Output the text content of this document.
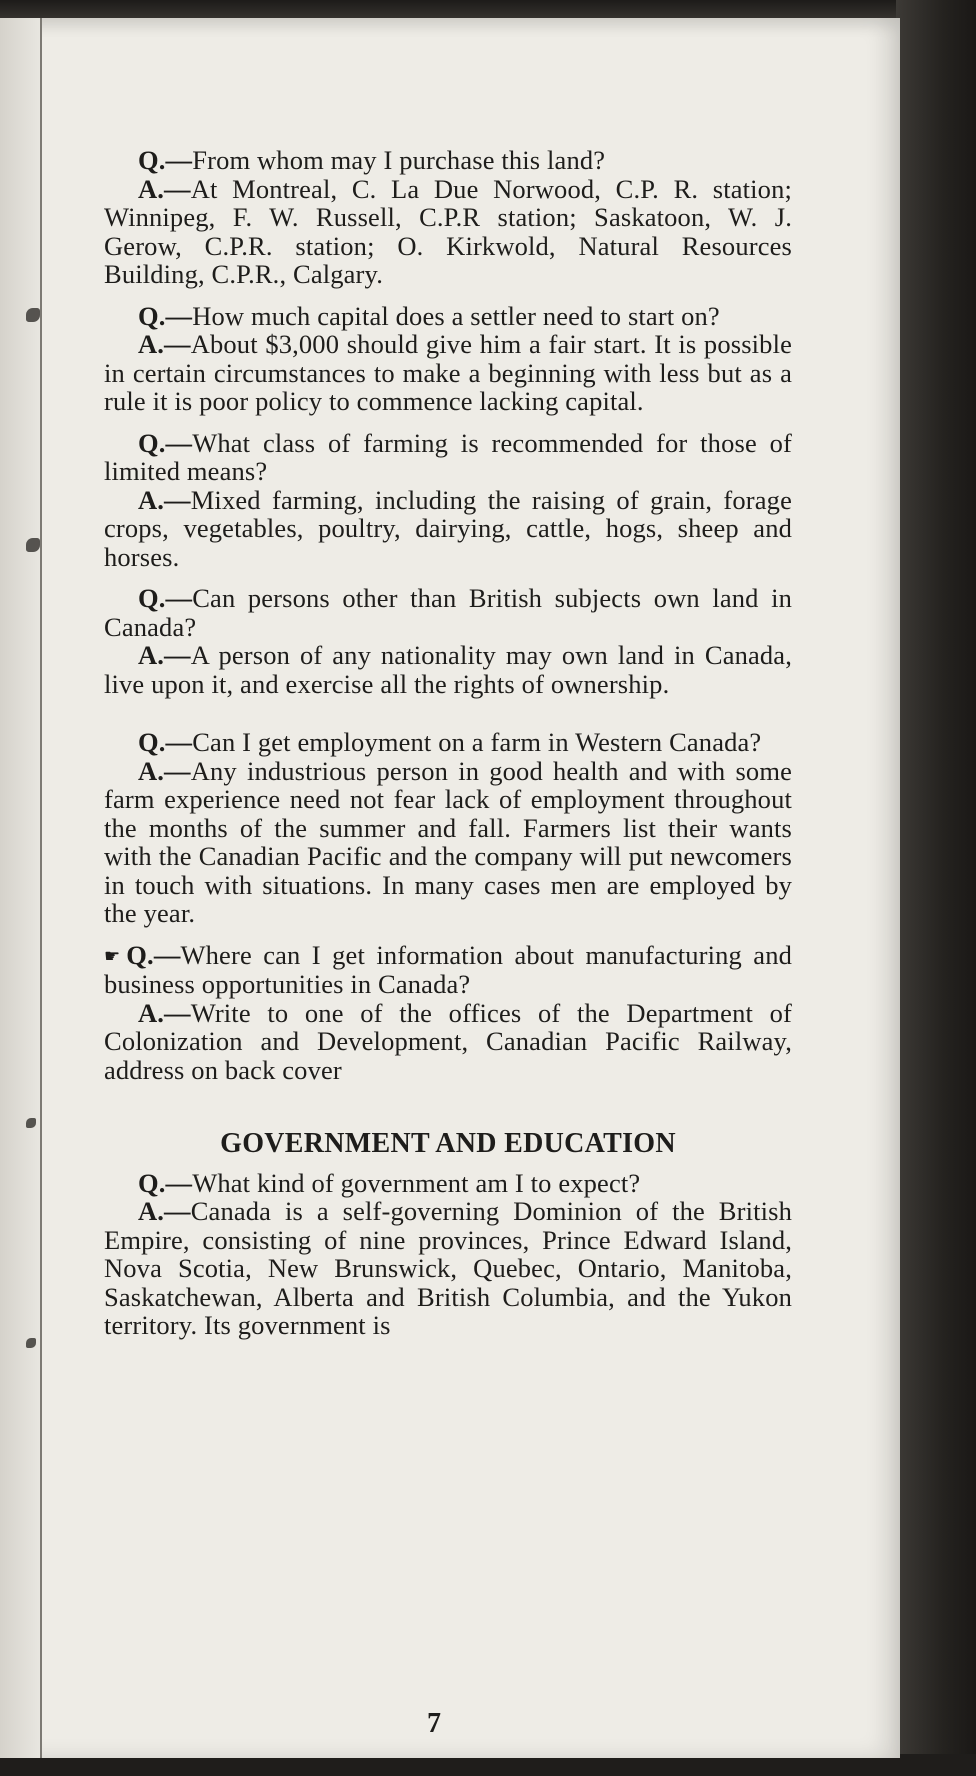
Q.—From whom may I purchase this land?

A.—At Montreal, C. La Due Norwood, C.P. R. station; Winnipeg, F. W. Russell, C.P.R station; Saskatoon, W. J. Gerow, C.P.R. station; O. Kirkwold, Natural Resources Building, C.P.R., Calgary.

Q.—How much capital does a settler need to start on?

A.—About $3,000 should give him a fair start. It is possible in certain circumstances to make a beginning with less but as a rule it is poor policy to commence lacking capital.

Q.—What class of farming is recommended for those of limited means?

A.—Mixed farming, including the raising of grain, forage crops, vegetables, poultry, dairying, cattle, hogs, sheep and horses.

Q.—Can persons other than British subjects own land in Canada?

A.—A person of any nationality may own land in Canada, live upon it, and exercise all the rights of ownership.

Q.—Can I get employment on a farm in Western Canada?

A.—Any industrious person in good health and with some farm experience need not fear lack of employment throughout the months of the summer and fall. Farmers list their wants with the Canadian Pacific and the company will put newcomers in touch with situations. In many cases men are employed by the year.

☛ Q.—Where can I get information about manufacturing and business opportunities in Canada?

A.—Write to one of the offices of the Department of Colonization and Development, Canadian Pacific Railway, address on back cover

GOVERNMENT AND EDUCATION

Q.—What kind of government am I to expect?

A.—Canada is a self-governing Dominion of the British Empire, consisting of nine provinces, Prince Edward Island, Nova Scotia, New Brunswick, Quebec, Ontario, Manitoba, Saskatchewan, Alberta and British Columbia, and the Yukon territory. Its government is

7
